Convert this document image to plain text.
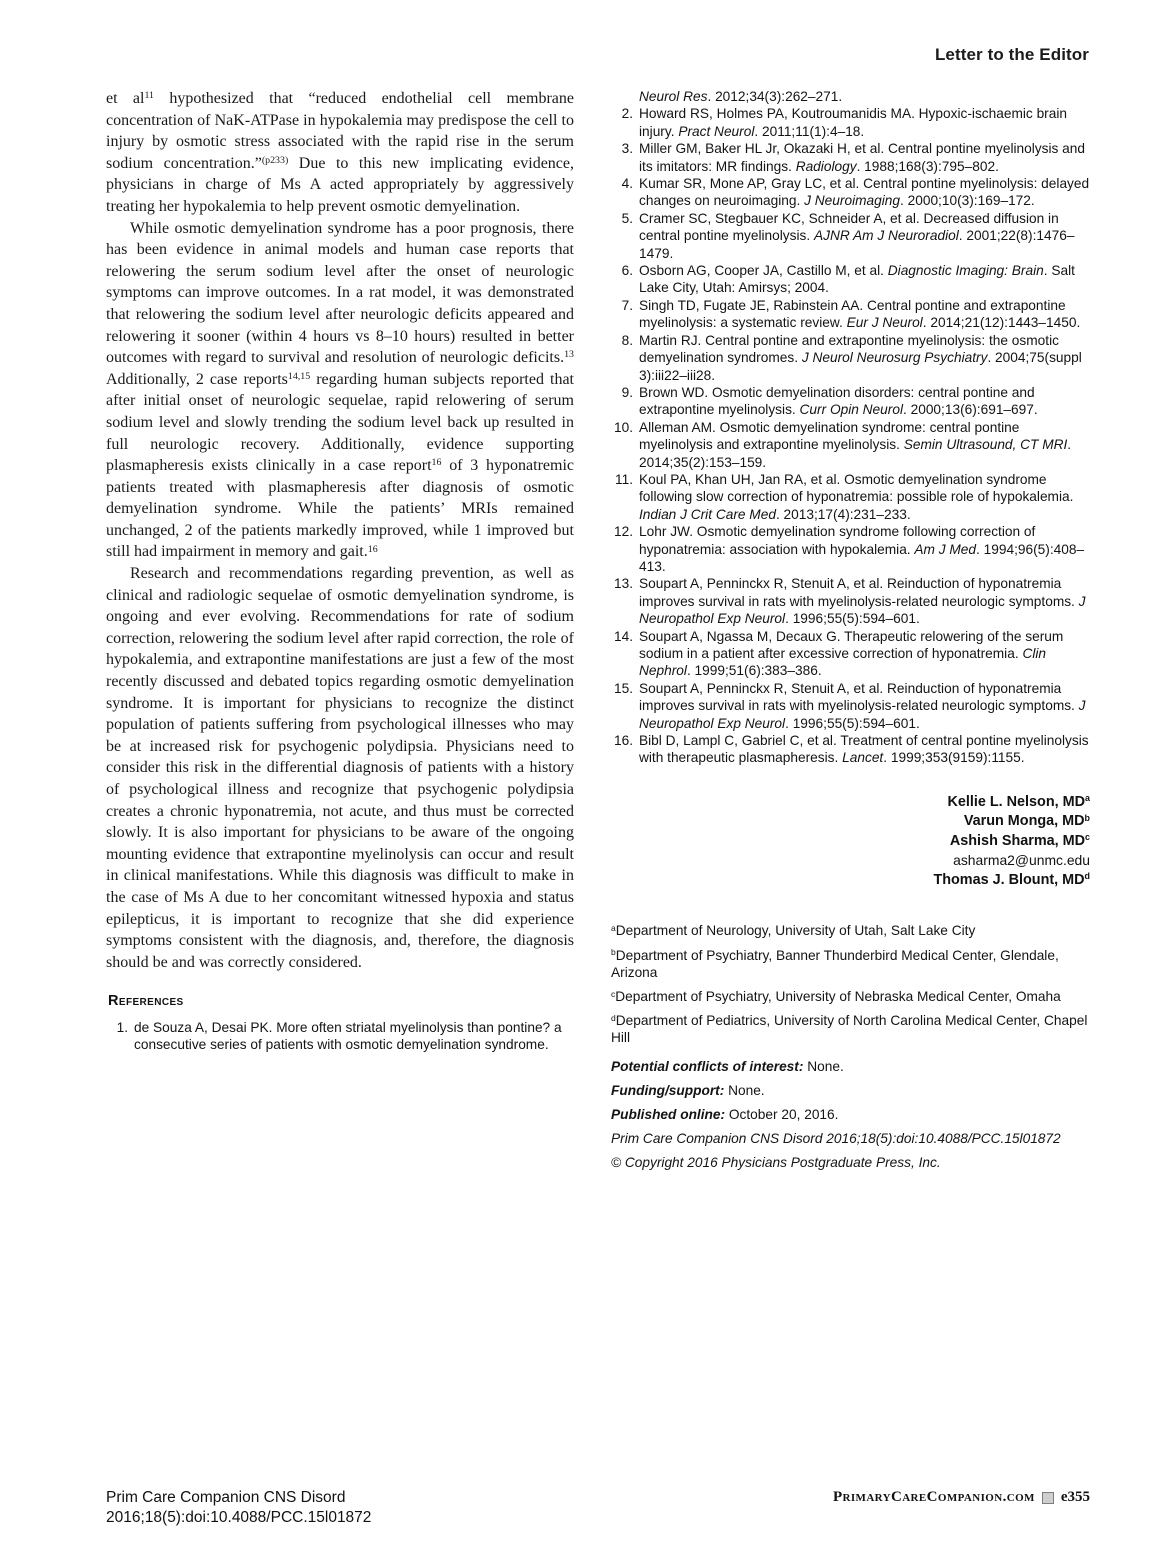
Letter to the Editor

et $al^{11}$ hypothesized that “reduced endothelial cell membrane concentration of NaK-ATPase in hypokalemia may predispose the cell to injury by osmotic stress associated with the rapid rise in the serum sodium concentration.”$^{(p233)}$ Due to this new implicating evidence, physicians in charge of Ms A acted appropriately by aggressively treating her hypokalemia to help prevent osmotic demyelination.

While osmotic demyelination syndrome has a poor prognosis, there has been evidence in animal models and human case reports that relowering the serum sodium level after the onset of neurologic symptoms can improve outcomes. In a rat model, it was demonstrated that relowering the sodium level after neurologic deficits appeared and relowering it sooner (within 4 hours vs 8–10 hours) resulted in better outcomes with regard to survival and resolution of neurologic deficits.$^{13}$ Additionally, 2 case reports$^{14,15}$ regarding human subjects reported that after initial onset of neurologic sequelae, rapid relowering of serum sodium level and slowly trending the sodium level back up resulted in full neurologic recovery. Additionally, evidence supporting plasmapheresis exists clinically in a case report$^{16}$ of 3 hyponatremic patients treated with plasmapheresis after diagnosis of osmotic demyelination syndrome. While the patients’ MRIs remained unchanged, 2 of the patients markedly improved, while 1 improved but still had impairment in memory and gait.$^{16}$

Research and recommendations regarding prevention, as well as clinical and radiologic sequelae of osmotic demyelination syndrome, is ongoing and ever evolving. Recommendations for rate of sodium correction, relowering the sodium level after rapid correction, the role of hypokalemia, and extrapontine manifestations are just a few of the most recently discussed and debated topics regarding osmotic demyelination syndrome. It is important for physicians to recognize the distinct population of patients suffering from psychological illnesses who may be at increased risk for psychogenic polydipsia. Physicians need to consider this risk in the differential diagnosis of patients with a history of psychological illness and recognize that psychogenic polydipsia creates a chronic hyponatremia, not acute, and thus must be corrected slowly. It is also important for physicians to be aware of the ongoing mounting evidence that extrapontine myelinolysis can occur and result in clinical manifestations. While this diagnosis was difficult to make in the case of Ms A due to her concomitant witnessed hypoxia and status epilepticus, it is important to recognize that she did experience symptoms consistent with the diagnosis, and, therefore, the diagnosis should be and was correctly considered.

References
1. de Souza A, Desai PK. More often striatal myelinolysis than pontine? a consecutive series of patients with osmotic demyelination syndrome.
Neurol Res. 2012;34(3):262–271.
2. Howard RS, Holmes PA, Koutroumanidis MA. Hypoxic-ischaemic brain injury. Pract Neurol. 2011;11(1):4–18.
3. Miller GM, Baker HL Jr, Okazaki H, et al. Central pontine myelinolysis and its imitators: MR findings. Radiology. 1988;168(3):795–802.
4. Kumar SR, Mone AP, Gray LC, et al. Central pontine myelinolysis: delayed changes on neuroimaging. J Neuroimaging. 2000;10(3):169–172.
5. Cramer SC, Stegbauer KC, Schneider A, et al. Decreased diffusion in central pontine myelinolysis. AJNR Am J Neuroradiol. 2001;22(8):1476–1479.
6. Osborn AG, Cooper JA, Castillo M, et al. Diagnostic Imaging: Brain. Salt Lake City, Utah: Amirsys; 2004.
7. Singh TD, Fugate JE, Rabinstein AA. Central pontine and extrapontine myelinolysis: a systematic review. Eur J Neurol. 2014;21(12):1443–1450.
8. Martin RJ. Central pontine and extrapontine myelinolysis: the osmotic demyelination syndromes. J Neurol Neurosurg Psychiatry. 2004;75(suppl 3):iii22–iii28.
9. Brown WD. Osmotic demyelination disorders: central pontine and extrapontine myelinolysis. Curr Opin Neurol. 2000;13(6):691–697.
10. Alleman AM. Osmotic demyelination syndrome: central pontine myelinolysis and extrapontine myelinolysis. Semin Ultrasound, CT MRI. 2014;35(2):153–159.
11. Koul PA, Khan UH, Jan RA, et al. Osmotic demyelination syndrome following slow correction of hyponatremia: possible role of hypokalemia. Indian J Crit Care Med. 2013;17(4):231–233.
12. Lohr JW. Osmotic demyelination syndrome following correction of hyponatremia: association with hypokalemia. Am J Med. 1994;96(5):408–413.
13. Soupart A, Penninckx R, Stenuit A, et al. Reinduction of hyponatremia improves survival in rats with myelinolysis-related neurologic symptoms. J Neuropathol Exp Neurol. 1996;55(5):594–601.
14. Soupart A, Ngassa M, Decaux G. Therapeutic relowering of the serum sodium in a patient after excessive correction of hyponatremia. Clin Nephrol. 1999;51(6):383–386.
15. Soupart A, Penninckx R, Stenuit A, et al. Reinduction of hyponatremia improves survival in rats with myelinolysis-related neurologic symptoms. J Neuropathol Exp Neurol. 1996;55(5):594–601.
16. Bibl D, Lampl C, Gabriel C, et al. Treatment of central pontine myelinolysis with therapeutic plasmapheresis. Lancet. 1999;353(9159):1155.
Kellie L. Nelson, $MD^a$
Varun Monga, $MD^b$
Ashish Sharma, $MD^c$
asharma2@unmc.edu
Thomas J. Blount, $MD^d$
$^a$Department of Neurology, University of Utah, Salt Lake City
$^b$Department of Psychiatry, Banner Thunderbird Medical Center, Glendale, Arizona
$^c$Department of Psychiatry, University of Nebraska Medical Center, Omaha
$^d$Department of Pediatrics, University of North Carolina Medical Center, Chapel Hill
Potential conflicts of interest: None.
Funding/support: None.
Published online: October 20, 2016.
Prim Care Companion CNS Disord 2016;18(5):doi:10.4088/PCC.15l01872
© Copyright 2016 Physicians Postgraduate Press, Inc.
Prim Care Companion CNS Disord
2016;18(5):doi:10.4088/PCC.15l01872
PrimaryCareCompanion.com e355
